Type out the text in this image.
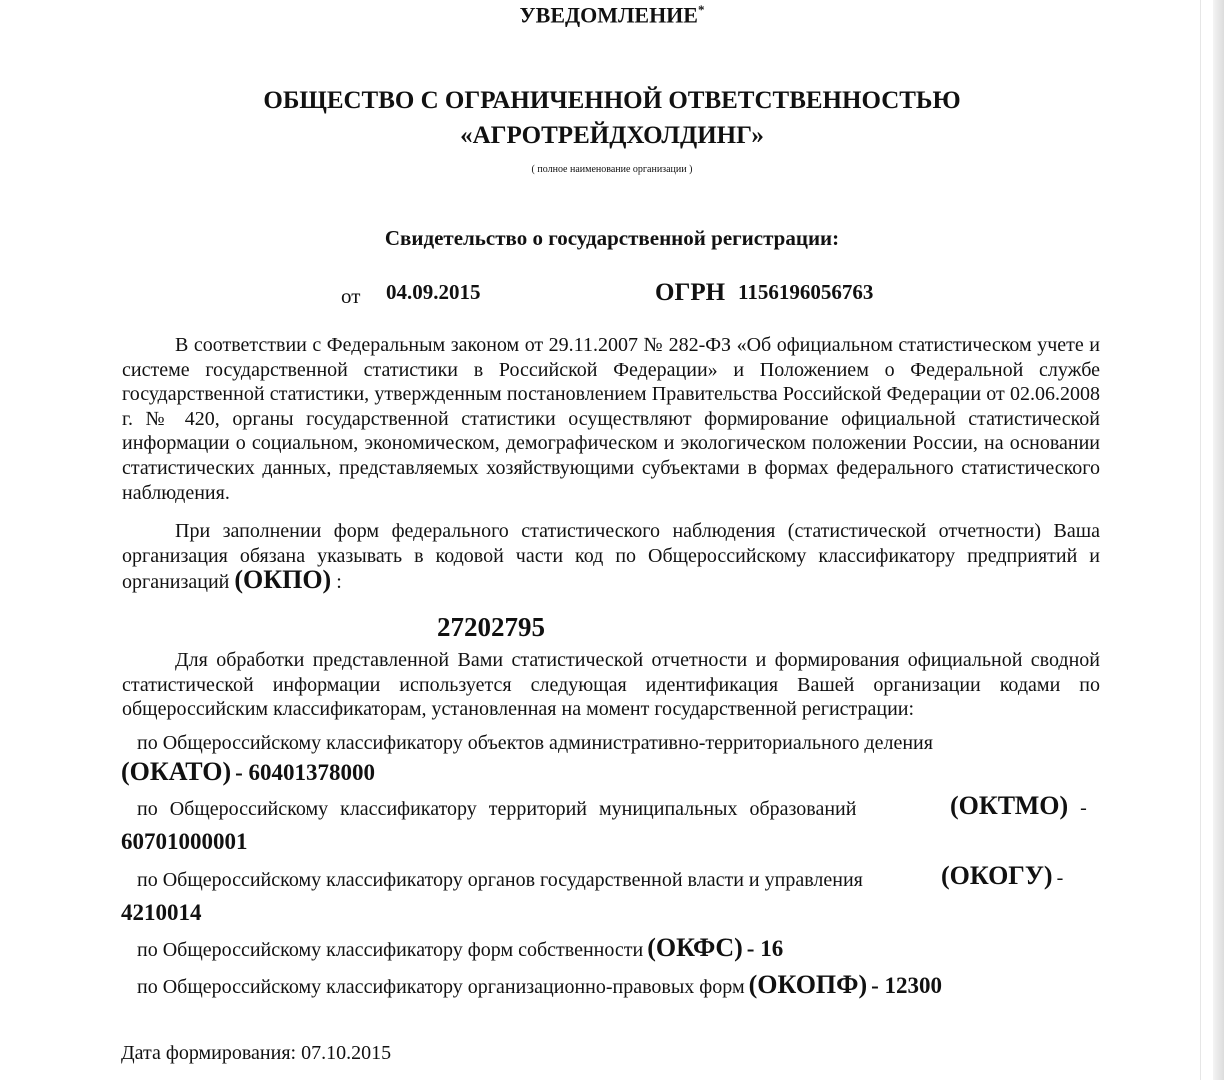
УВЕДОМЛЕНИЕ*
ОБЩЕСТВО С ОГРАНИЧЕННОЙ ОТВЕТСТВЕННОСТЬЮ
«АГРОТРЕЙДХОЛДИНГ»
( полное наименование организации )
Свидетельство о государственной регистрации:
от 04.09.2015	ОГРН 1156196056763
В соответствии с Федеральным законом от 29.11.2007 № 282-ФЗ «Об официальном статистическом учете и системе государственной статистики в Российской Федерации» и Положением о Федеральной службе государственной статистики, утвержденным постановлением Правительства Российской Федерации от 02.06.2008 г. № 420, органы государственной статистики осуществляют формирование официальной статистической информации о социальном, экономическом, демографическом и экологическом положении России, на основании статистических данных, представляемых хозяйствующими субъектами в формах федерального статистического наблюдения.
При заполнении форм федерального статистического наблюдения (статистической отчетности) Ваша организация обязана указывать в кодовой части код по Общероссийскому классификатору предприятий и организаций (ОКПО) :
27202795
Для обработки представленной Вами статистической отчетности и формирования официальной сводной статистической информации используется следующая идентификация Вашей организации кодами по общероссийским классификаторам, установленная на момент государственной регистрации:
по Общероссийскому классификатору объектов административно-территориального деления
(ОКАТО) - 60401378000
по Общероссийскому классификатору территорий муниципальных образований	(ОКТМО) -
60701000001
по Общероссийскому классификатору органов государственной власти и управления	(ОКОГУ) -
4210014
по Общероссийскому классификатору форм собственности (ОКФС) - 16
по Общероссийскому классификатору организационно-правовых форм (ОКОПФ) - 12300
Дата формирования: 07.10.2015
